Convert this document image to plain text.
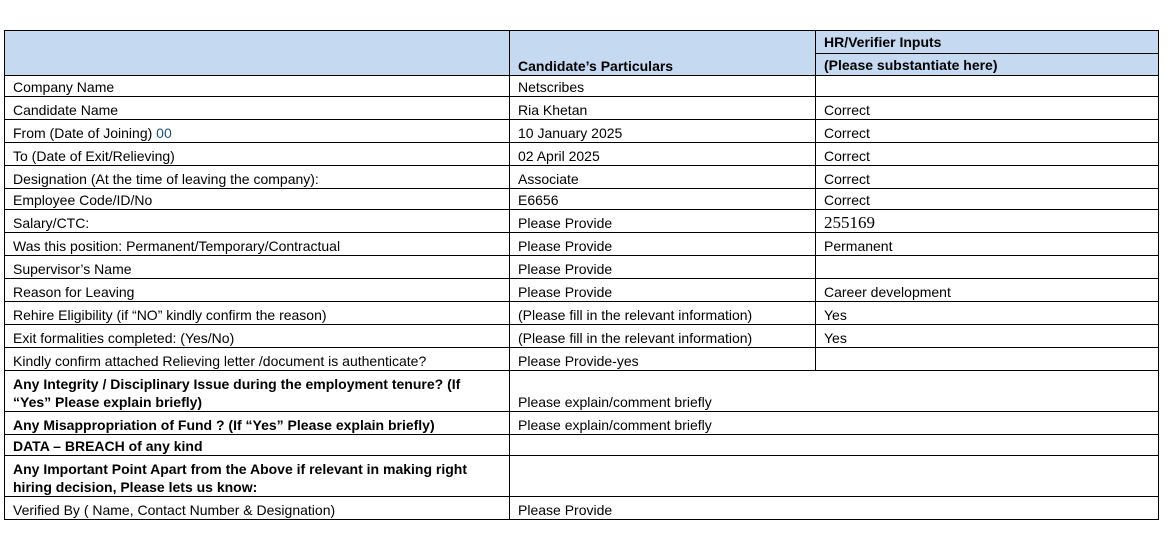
	Candidate’s Particulars	HR/Verifier Inputs
(Please substantiate here)

Company Name	Netscribes	
Candidate Name	Ria Khetan	Correct
From (Date of Joining) 00	10 January 2025	Correct
To (Date of Exit/Relieving)	02 April 2025	Correct
Designation (At the time of leaving the company):	Associate	Correct
Employee Code/ID/No	E6656	Correct
Salary/CTC:	Please Provide	255169
Was this position: Permanent/Temporary/Contractual	Please Provide	Permanent
Supervisor’s Name	Please Provide	
Reason for Leaving	Please Provide	Career development
Rehire Eligibility (if “NO” kindly confirm the reason)	(Please fill in the relevant information)	Yes
Exit formalities completed: (Yes/No)	(Please fill in the relevant information)	Yes
Kindly confirm attached Relieving letter /document is authenticate?	Please Provide-yes	
Any Integrity / Disciplinary Issue during the employment tenure? (If “Yes” Please explain briefly)	Please explain/comment briefly	
Any Misappropriation of Fund ? (If “Yes” Please explain briefly)	Please explain/comment briefly	
DATA – BREACH of any kind		
Any Important Point Apart from the Above if relevant in making right hiring decision, Please lets us know:		
Verified By ( Name, Contact Number & Designation)	Please Provide	
